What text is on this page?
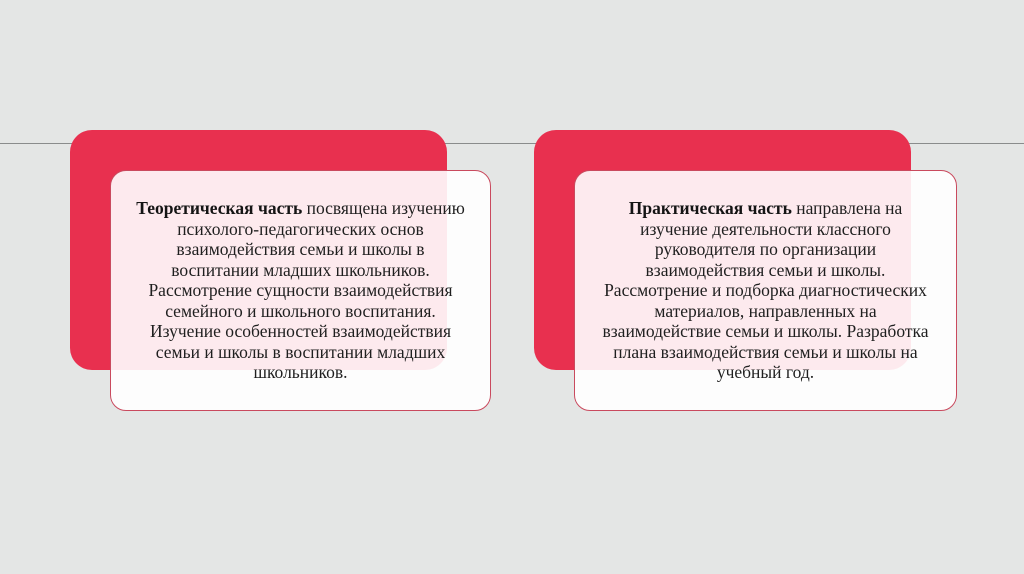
Теоретическая часть посвящена изучению психолого-педагогических основ взаимодействия семьи и школы в воспитании младших школьников. Рассмотрение сущности взаимодействия семейного и школьного воспитания. Изучение особенностей взаимодействия семьи и школы в воспитании младших школьников.

Практическая часть направлена на изучение деятельности классного руководителя по организации взаимодействия семьи и школы. Рассмотрение и подборка диагностических материалов, направленных на взаимодействие семьи и школы. Разработка плана взаимодействия семьи и школы на учебный год.
